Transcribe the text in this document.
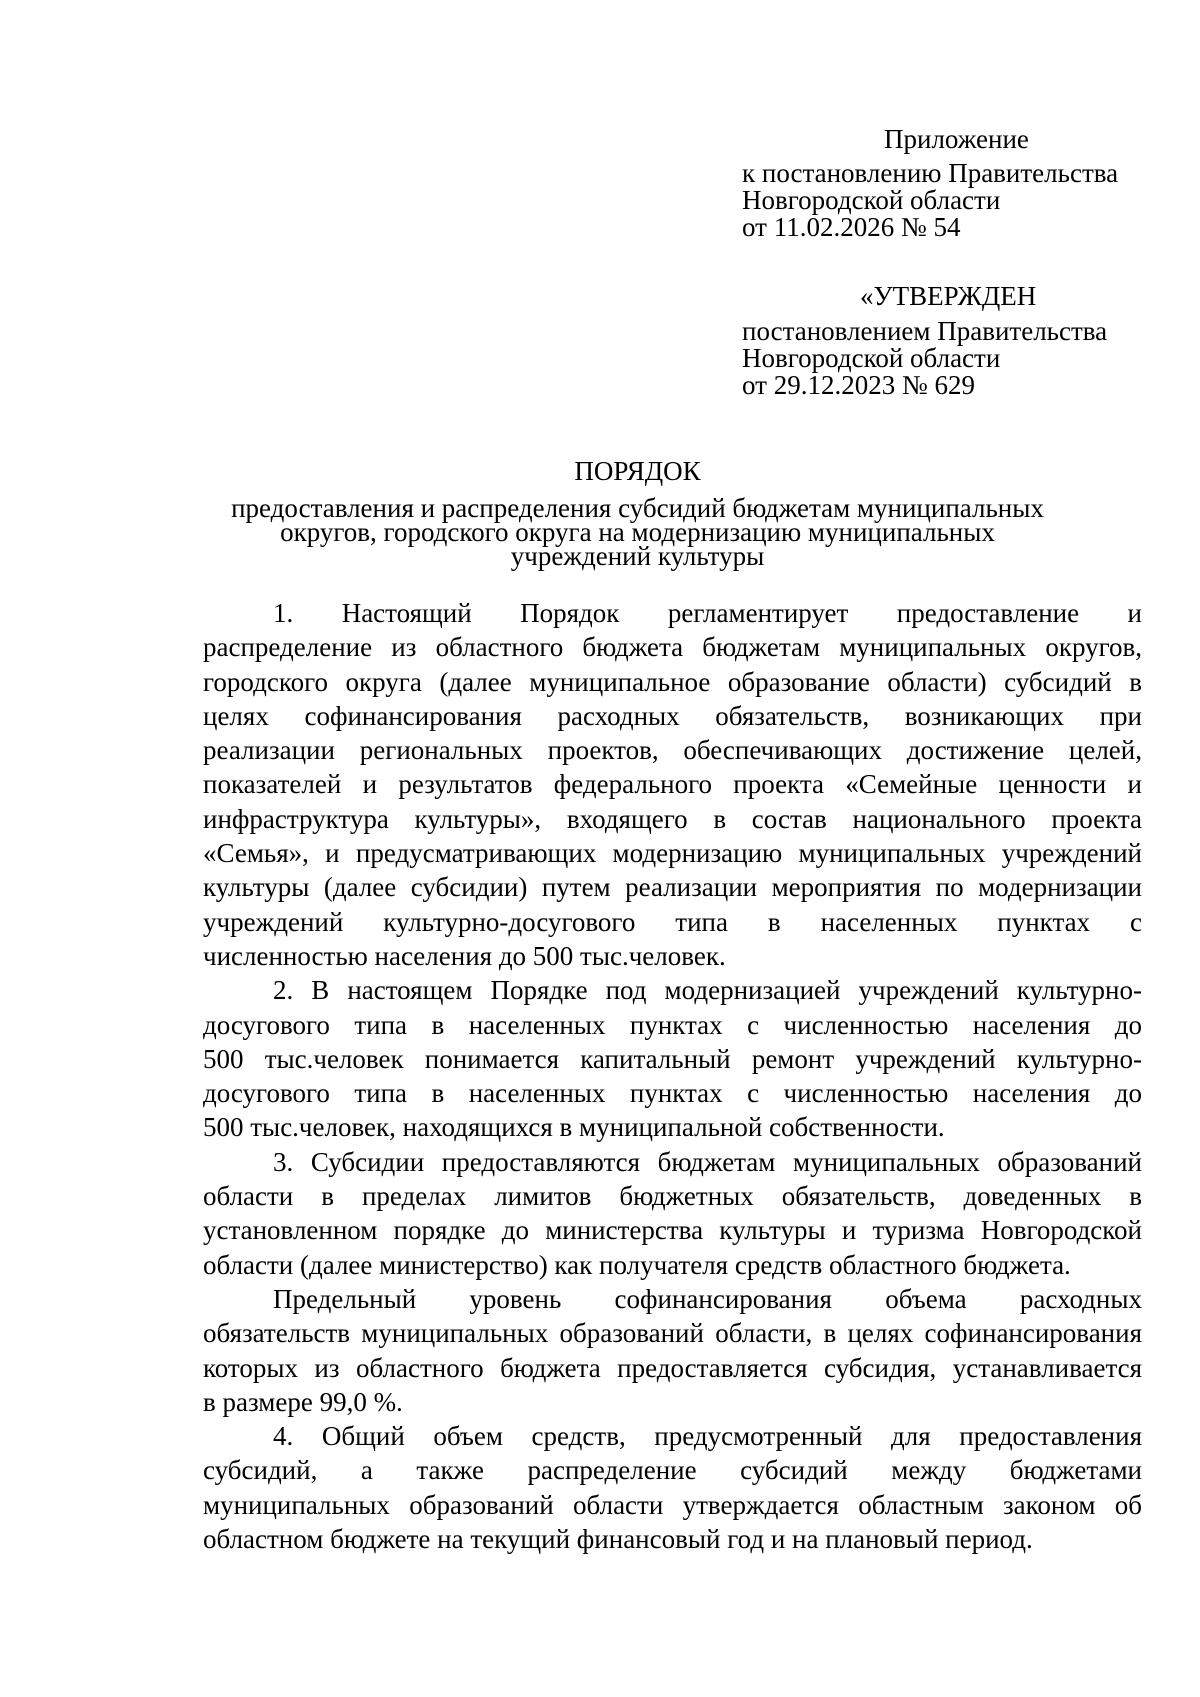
Приложение
к постановлению Правительства
Новгородской области
от 11.02.2026 № 54
«УТВЕРЖДЕН
постановлением Правительства
Новгородской области
от 29.12.2023 № 629
ПОРЯДОК
предоставления и распределения субсидий бюджетам муниципальных
округов, городского округа на модернизацию муниципальных
учреждений культуры
1. Настоящий Порядок регламентирует предоставление и
распределение из областного бюджета бюджетам муниципальных округов,
городского округа (далее муниципальное образование области) субсидий в
целях софинансирования расходных обязательств, возникающих при
реализации региональных проектов, обеспечивающих достижение целей,
показателей и результатов федерального проекта «Семейные ценности и
инфраструктура культуры», входящего в состав национального проекта
«Семья», и предусматривающих модернизацию муниципальных учреждений
культуры (далее субсидии) путем реализации мероприятия по модернизации
учреждений культурно-досугового типа в населенных пунктах с
численностью населения до 500 тыс.человек.
2. В настоящем Порядке под модернизацией учреждений культурно-
досугового типа в населенных пунктах с численностью населения до
500 тыс.человек понимается капитальный ремонт учреждений культурно-
досугового типа в населенных пунктах с численностью населения до
500 тыс.человек, находящихся в муниципальной собственности.
3. Субсидии предоставляются бюджетам муниципальных образований
области в пределах лимитов бюджетных обязательств, доведенных в
установленном порядке до министерства культуры и туризма Новгородской
области (далее министерство) как получателя средств областного бюджета.
Предельный уровень софинансирования объема расходных
обязательств муниципальных образований области, в целях софинансирования
которых из областного бюджета предоставляется субсидия, устанавливается
в размере 99,0 %.
4. Общий объем средств, предусмотренный для предоставления
субсидий, а также распределение субсидий между бюджетами
муниципальных образований области утверждается областным законом об
областном бюджете на текущий финансовый год и на плановый период.
